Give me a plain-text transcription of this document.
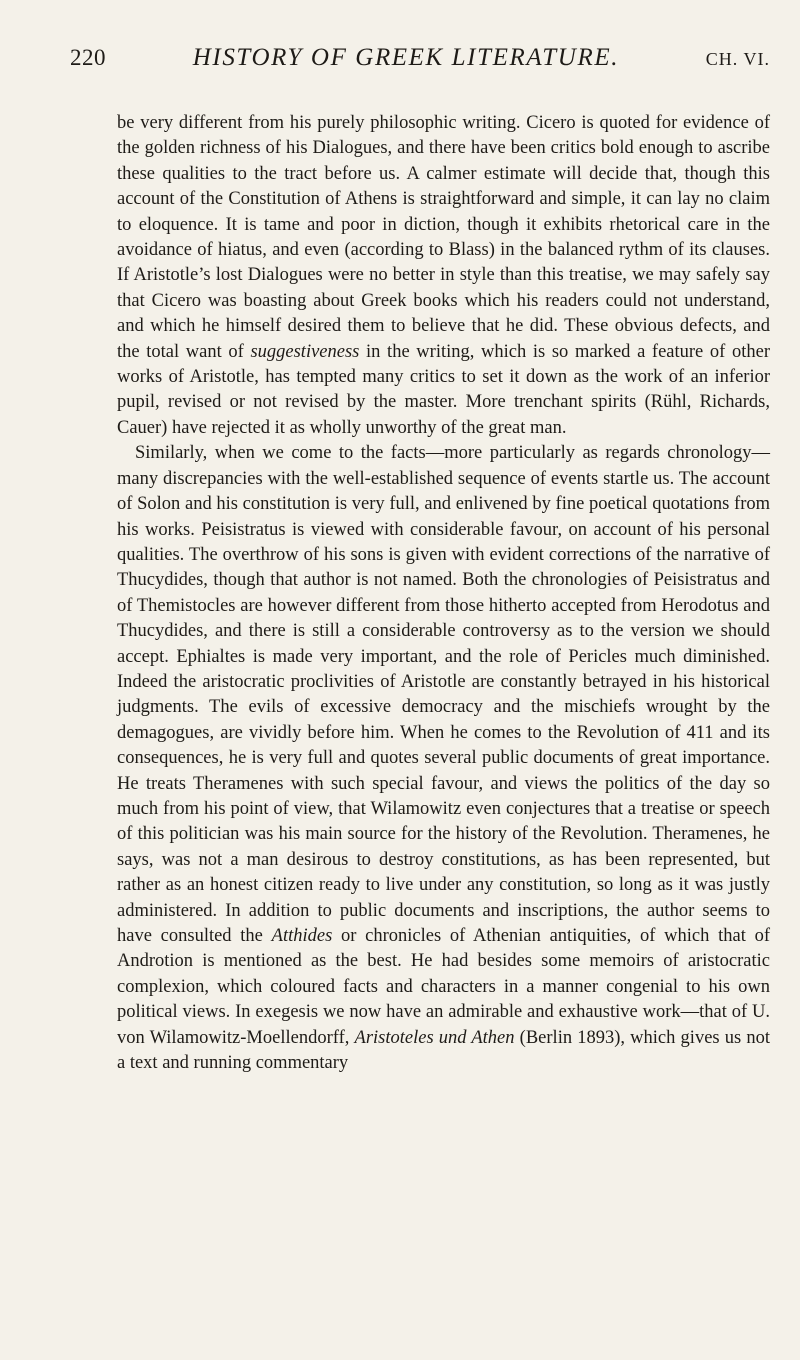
220	HISTORY OF GREEK LITERATURE.	CH. VI.

be very different from his purely philosophic writing. Cicero is quoted for evidence of the golden richness of his Dialogues, and there have been critics bold enough to ascribe these qualities to the tract before us. A calmer estimate will decide that, though this account of the Constitution of Athens is straightforward and simple, it can lay no claim to eloquence. It is tame and poor in diction, though it exhibits rhetorical care in the avoidance of hiatus, and even (according to Blass) in the balanced rythm of its clauses. If Aristotle’s lost Dialogues were no better in style than this treatise, we may safely say that Cicero was boasting about Greek books which his readers could not understand, and which he himself desired them to believe that he did. These obvious defects, and the total want of suggestiveness in the writing, which is so marked a feature of other works of Aristotle, has tempted many critics to set it down as the work of an inferior pupil, revised or not revised by the master. More trenchant spirits (Rühl, Richards, Cauer) have rejected it as wholly unworthy of the great man.

Similarly, when we come to the facts—more particularly as regards chronology—many discrepancies with the well-established sequence of events startle us. The account of Solon and his constitution is very full, and enlivened by fine poetical quotations from his works. Peisistratus is viewed with considerable favour, on account of his personal qualities. The overthrow of his sons is given with evident corrections of the narrative of Thucydides, though that author is not named. Both the chronologies of Peisistratus and of Themistocles are however different from those hitherto accepted from Herodotus and Thucydides, and there is still a considerable controversy as to the version we should accept. Ephialtes is made very important, and the role of Pericles much diminished. Indeed the aristocratic proclivities of Aristotle are constantly betrayed in his historical judgments. The evils of excessive democracy and the mischiefs wrought by the demagogues, are vividly before him. When he comes to the Revolution of 411 and its consequences, he is very full and quotes several public documents of great importance. He treats Theramenes with such special favour, and views the politics of the day so much from his point of view, that Wilamowitz even conjectures that a treatise or speech of this politician was his main source for the history of the Revolution. Theramenes, he says, was not a man desirous to destroy constitutions, as has been represented, but rather as an honest citizen ready to live under any constitution, so long as it was justly administered. In addition to public documents and inscriptions, the author seems to have consulted the Atthides or chronicles of Athenian antiquities, of which that of Androtion is mentioned as the best. He had besides some memoirs of aristocratic complexion, which coloured facts and characters in a manner congenial to his own political views. In exegesis we now have an admirable and exhaustive work—that of U. von Wilamowitz-Moellendorff, Aristoteles und Athen (Berlin 1893), which gives us not a text and running commentary
